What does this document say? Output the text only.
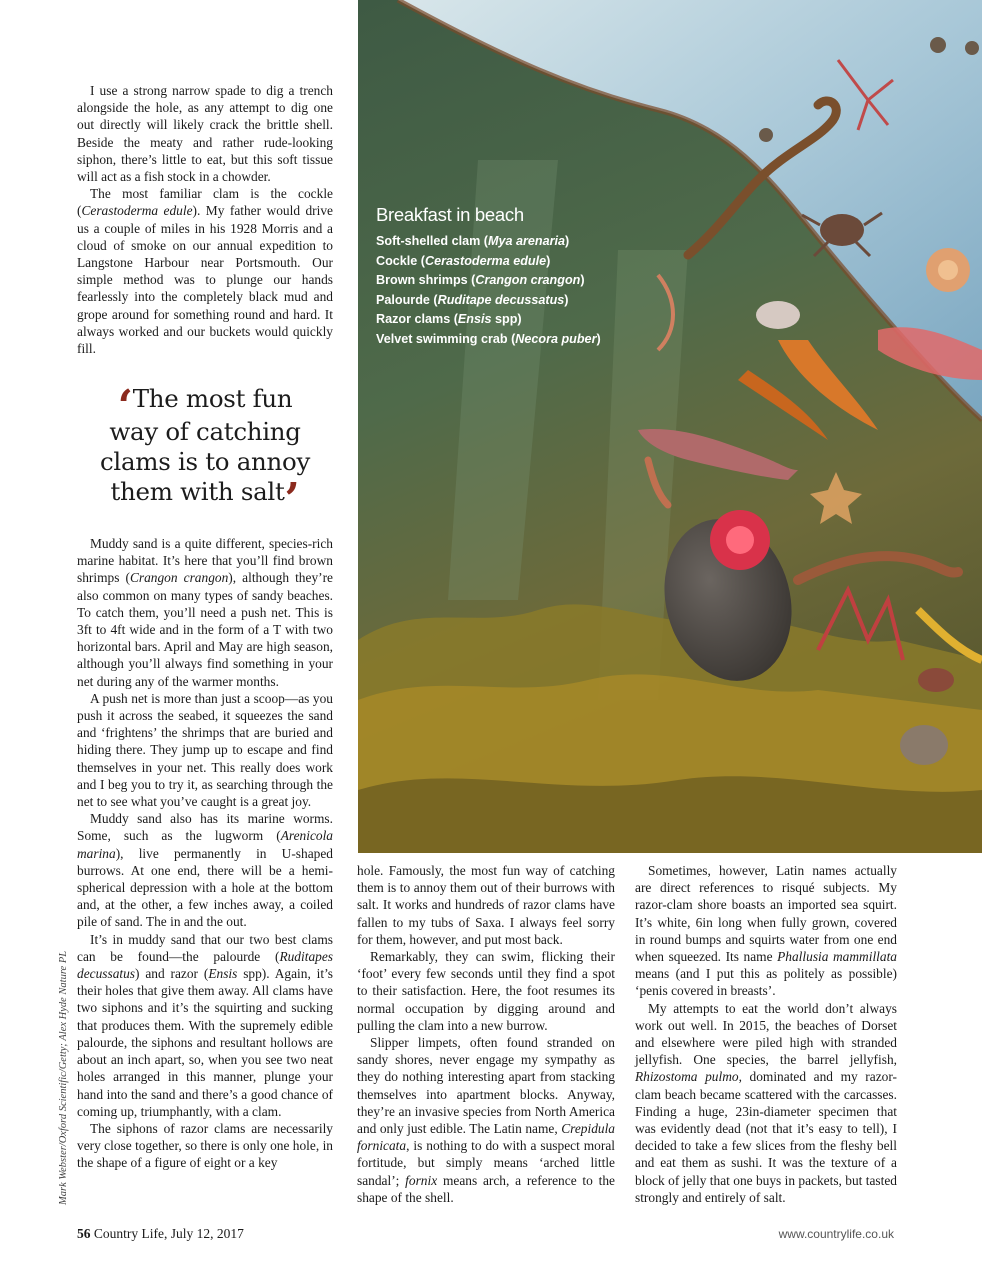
I use a strong narrow spade to dig a trench alongside the hole, as any attempt to dig one out directly will likely crack the brittle shell. Beside the meaty and rather rude-looking siphon, there’s little to eat, but this soft tissue will act as a fish stock in a chowder.

The most familiar clam is the cockle (Cerastoderma edule). My father would drive us a couple of miles in his 1928 Morris and a cloud of smoke on our annual expedition to Langstone Harbour near Portsmouth. Our simple method was to plunge our hands fearlessly into the completely black mud and grope around for something round and hard. It always worked and our buckets would quickly fill.

‘The most fun way of catching clams is to annoy them with salt’

Muddy sand is a quite different, species-rich marine habitat. It’s here that you’ll find brown shrimps (Crangon crangon), although they’re also common on many types of sandy beaches. To catch them, you’ll need a push net. This is 3ft to 4ft wide and in the form of a T with two horizontal bars. April and May are high season, although you’ll always find something in your net during any of the warmer months.

A push net is more than just a scoop—as you push it across the seabed, it squeezes the sand and ‘frightens’ the shrimps that are buried and hiding there. They jump up to escape and find themselves in your net. This really does work and I beg you to try it, as searching through the net to see what you’ve caught is a great joy.

Muddy sand also has its marine worms. Some, such as the lugworm (Arenicola marina), live permanently in U-shaped burrows. At one end, there will be a hemispherical depression with a hole at the bottom and, at the other, a few inches away, a coiled pile of sand. The in and the out.

It’s in muddy sand that our two best clams can be found—the palourde (Ruditapes decussatus) and razor (Ensis spp). Again, it’s their holes that give them away. All clams have two siphons and it’s the squirting and sucking that produces them. With the supremely edible palourde, the siphons and resultant hollows are about an inch apart, so, when you see two neat holes arranged in this manner, plunge your hand into the sand and there’s a good chance of coming up, triumphantly, with a clam.

The siphons of razor clams are necessarily very close together, so there is only one hole, in the shape of a figure of eight or a key

Breakfast in beach
Soft-shelled clam (Mya arenaria)
Cockle (Cerastoderma edule)
Brown shrimps (Crangon crangon)
Palourde (Ruditape decussatus)
Razor clams (Ensis spp)
Velvet swimming crab (Necora puber)

hole. Famously, the most fun way of catching them is to annoy them out of their burrows with salt. It works and hundreds of razor clams have fallen to my tubs of Saxa. I always feel sorry for them, however, and put most back.

Remarkably, they can swim, flicking their ‘foot’ every few seconds until they find a spot to their satisfaction. Here, the foot resumes its normal occupation by digging around and pulling the clam into a new burrow.

Slipper limpets, often found stranded on sandy shores, never engage my sympathy as they do nothing interesting apart from stacking themselves into apartment blocks. Anyway, they’re an invasive species from North America and only just edible. The Latin name, Crepidula fornicata, is nothing to do with a suspect moral fortitude, but simply means ‘arched little sandal’; fornix means arch, a reference to the shape of the shell.

Sometimes, however, Latin names actually are direct references to risqué subjects. My razor-clam shore boasts an imported sea squirt. It’s white, 6in long when fully grown, covered in round bumps and squirts water from one end when squeezed. Its name Phallusia mammillata means (and I put this as politely as possible) ‘penis covered in breasts’.

My attempts to eat the world don’t always work out well. In 2015, the beaches of Dorset and elsewhere were piled high with stranded jellyfish. One species, the barrel jellyfish, Rhizostoma pulmo, dominated and my razor-clam beach became scattered with the carcasses. Finding a huge, 23in-diameter specimen that was evidently dead (not that it’s easy to tell), I decided to take a few slices from the fleshy bell and eat them as sushi. It was the texture of a block of jelly that one buys in packets, but tasted strongly and entirely of salt.

Mark Webster/Oxford Scientific/Getty; Alex Hyde Nature PL
56 Country Life, July 12, 2017	www.countrylife.co.uk
